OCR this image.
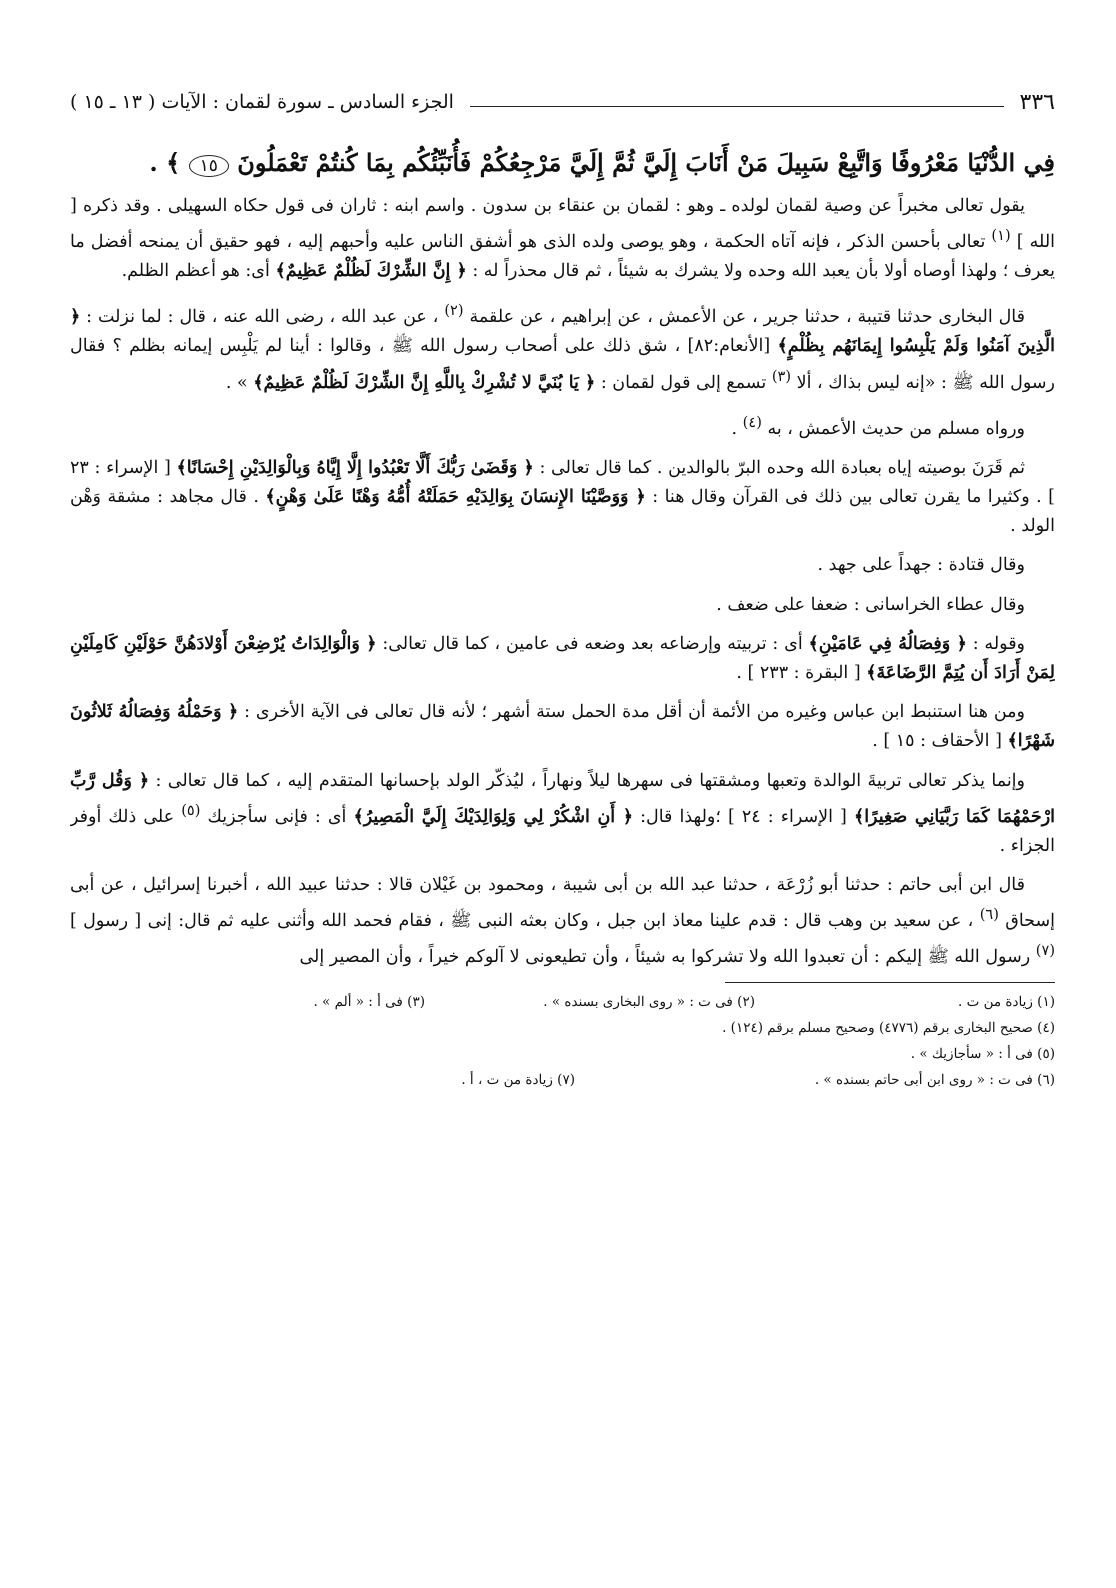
٣٣٦
الجزء السادس ـ سورة لقمان : الآيات ( ١٣ ـ ١٥ )
فِي الدُّنْيَا مَعْرُوفًا وَاتَّبِعْ سَبِيلَ مَنْ أَنَابَ إِلَيَّ ثُمَّ إِلَيَّ مَرْجِعُكُمْ فَأُنَبِّئُكُم بِمَا كُنتُمْ تَعْمَلُونَ ١٥ ﴾ .

يقول تعالى مخبراً عن وصية لقمان لولده ـ وهو : لقمان بن عنقاء بن سدون . واسم ابنه : ثاران فى قول حكاه السهيلى . وقد ذكره [ الله ] $^{(١)}$ تعالى بأحسن الذكر ، فإنه آتاه الحكمة ، وهو يوصى ولده الذى هو أشفق الناس عليه وأحبهم إليه ، فهو حقيق أن يمنحه أفضل ما يعرف ؛ ولهذا أوصاه أولا بأن يعبد الله وحده ولا يشرك به شيئاً ، ثم قال محذراً له : ﴿ إِنَّ الشِّرْكَ لَظُلْمٌ عَظِيمٌ﴾ أى: هو أعظم الظلم.

قال البخارى حدثنا قتيبة ، حدثنا جرير ، عن الأعمش ، عن إبراهيم ، عن علقمة $^{(٢)}$ ، عن عبد الله ، رضى الله عنه ، قال : لما نزلت : ﴿ الَّذِينَ آمَنُوا وَلَمْ يَلْبِسُوا إِيمَانَهُم بِظُلْمٍ﴾ [الأنعام:٨٢] ، شق ذلك على أصحاب رسول الله ﷺ ، وقالوا : أينا لم يَلْبِس إيمانه بظلم ؟ فقال رسول الله ﷺ : «إنه ليس بذاك ، ألا $^{(٣)}$ تسمع إلى قول لقمان : ﴿ يَا بُنَيَّ لا تُشْرِكْ بِاللَّهِ إِنَّ الشِّرْكَ لَظُلْمٌ عَظِيمٌ﴾ » .

ورواه مسلم من حديث الأعمش ، به $^{(٤)}$ .

ثم قَرَنَ بوصيته إياه بعبادة الله وحده البرّ بالوالدين . كما قال تعالى : ﴿ وَقَضَىٰ رَبُّكَ أَلَّا تَعْبُدُوا إِلَّا إِيَّاهُ وَبِالْوَالِدَيْنِ إِحْسَانًا﴾ [ الإسراء : ٢٣ ] . وكثيرا ما يقرن تعالى بين ذلك فى القرآن وقال هنا : ﴿ وَوَصَّيْنَا الإِنسَانَ بِوَالِدَيْهِ حَمَلَتْهُ أُمُّهُ وَهْنًا عَلَىٰ وَهْنٍ﴾ . قال مجاهد : مشقة وَهْن الولد .

وقال قتادة : جهداً على جهد .

وقال عطاء الخراسانى : ضعفا على ضعف .

وقوله : ﴿ وَفِصَالُهُ فِي عَامَيْنِ﴾ أى : تربيته وإرضاعه بعد وضعه فى عامين ، كما قال تعالى: ﴿ وَالْوَالِدَاتُ يُرْضِعْنَ أَوْلادَهُنَّ حَوْلَيْنِ كَامِلَيْنِ لِمَنْ أَرَادَ أَن يُتِمَّ الرَّضَاعَةَ﴾ [ البقرة : ٢٣٣ ] .

ومن هنا استنبط ابن عباس وغيره من الأئمة أن أقل مدة الحمل ستة أشهر ؛ لأنه قال تعالى فى الآية الأخرى : ﴿ وَحَمْلُهُ وَفِصَالُهُ ثَلاثُونَ شَهْرًا﴾ [ الأحقاف : ١٥ ] .

وإنما يذكر تعالى تربيةَ الوالدة وتعبها ومشقتها فى سهرها ليلاً ونهاراً ، ليُذكّر الولد بإحسانها المتقدم إليه ، كما قال تعالى : ﴿ وَقُل رَّبِّ ارْحَمْهُمَا كَمَا رَبَّيَانِي صَغِيرًا﴾ [ الإسراء : ٢٤ ] ؛ولهذا قال: ﴿ أَنِ اشْكُرْ لِي وَلِوَالِدَيْكَ إِلَيَّ الْمَصِيرُ﴾ أى : فإنى سأجزيك $^{(٥)}$ على ذلك أوفر الجزاء .

قال ابن أبى حاتم : حدثنا أبو زُرْعَة ، حدثنا عبد الله بن أبى شيبة ، ومحمود بن غَيْلان قالا : حدثنا عبيد الله ، أخبرنا إسرائيل ، عن أبى إسحاق $^{(٦)}$ ، عن سعيد بن وهب قال : قدم علينا معاذ ابن جبل ، وكان بعثه النبى ﷺ ، فقام فحمد الله وأثنى عليه ثم قال: إنى [ رسول ] $^{(٧)}$ رسول الله ﷺ إليكم : أن تعبدوا الله ولا تشركوا به شيئاً ، وأن تطيعونى لا آلوكم خيراً ، وأن المصير إلى

(١) زيادة من ت .
(٢) فى ت : « روى البخارى بسنده » .
(٣) فى أ : « ألم » .
(٤) صحيح البخارى برقم (٤٧٧٦) وصحيح مسلم برقم (١٢٤) .
(٥) فى أ : « سأجازيك » .
(٦) فى ت : « روى ابن أبى حاتم بسنده » .
(٧) زيادة من ت ، أ .
